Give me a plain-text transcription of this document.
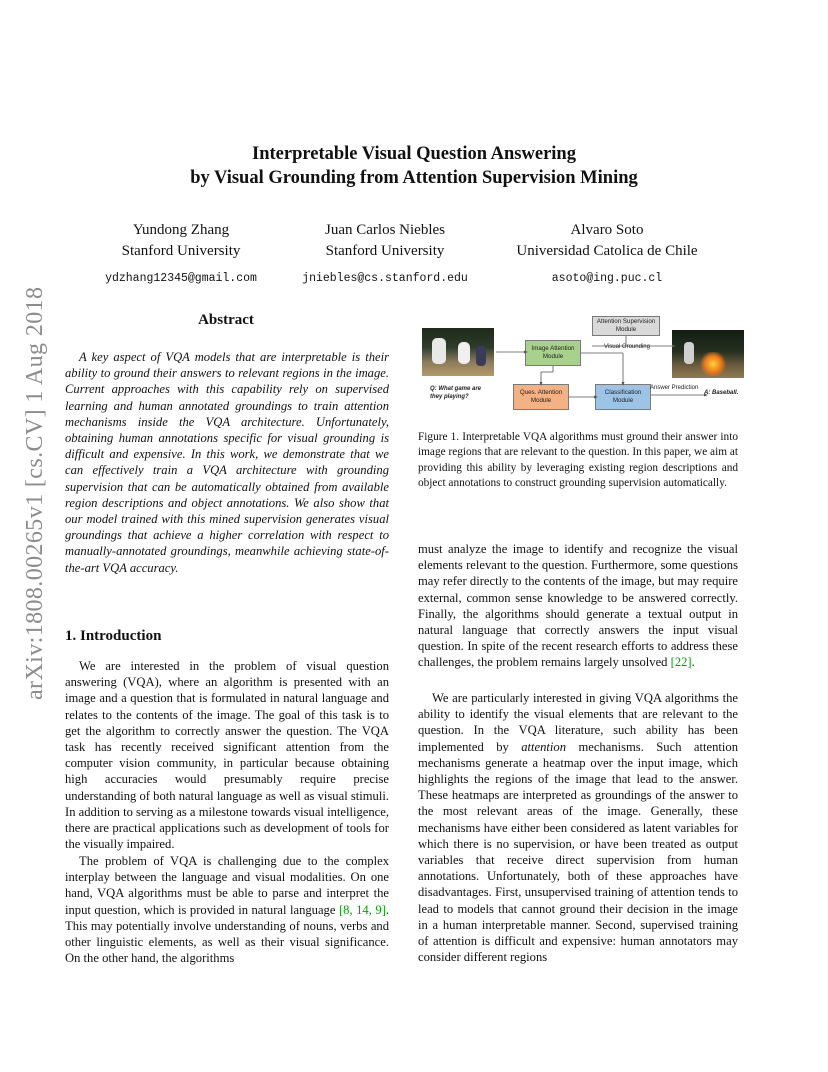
arXiv:1808.00265v1 [cs.CV] 1 Aug 2018
Interpretable Visual Question Answering
by Visual Grounding from Attention Supervision Mining
Yundong Zhang
Stanford University
ydzhang12345@gmail.com
Juan Carlos Niebles
Stanford University
jniebles@cs.stanford.edu
Alvaro Soto
Universidad Catolica de Chile
asoto@ing.puc.cl
Abstract
A key aspect of VQA models that are interpretable is their ability to ground their answers to relevant regions in the image. Current approaches with this capability rely on supervised learning and human annotated groundings to train attention mechanisms inside the VQA architecture. Unfortunately, obtaining human annotations specific for visual grounding is difficult and expensive. In this work, we demonstrate that we can effectively train a VQA architecture with grounding supervision that can be automatically obtained from available region descriptions and object annotations. We also show that our model trained with this mined supervision generates visual groundings that achieve a higher correlation with respect to manually-annotated groundings, meanwhile achieving state-of-the-art VQA accuracy.
1. Introduction
We are interested in the problem of visual question answering (VQA), where an algorithm is presented with an image and a question that is formulated in natural language and relates to the contents of the image. The goal of this task is to get the algorithm to correctly answer the question. The VQA task has recently received significant attention from the computer vision community, in particular because obtaining high accuracies would presumably require precise understanding of both natural language as well as visual stimuli. In addition to serving as a milestone towards visual intelligence, there are practical applications such as development of tools for the visually impaired.
The problem of VQA is challenging due to the complex interplay between the language and visual modalities. On one hand, VQA algorithms must be able to parse and interpret the input question, which is provided in natural language [8, 14, 9]. This may potentially involve understanding of nouns, verbs and other linguistic elements, as well as their visual significance. On the other hand, the algorithms
Attention Supervision Module
Image Attention Module
Ques. Attention Module
Classification Module
Visual Grounding
Answer Prediction
Q: What game are they playing?
A: Baseball.
Figure 1. Interpretable VQA algorithms must ground their answer into image regions that are relevant to the question. In this paper, we aim at providing this ability by leveraging existing region descriptions and object annotations to construct grounding supervision automatically.
must analyze the image to identify and recognize the visual elements relevant to the question. Furthermore, some questions may refer directly to the contents of the image, but may require external, common sense knowledge to be answered correctly. Finally, the algorithms should generate a textual output in natural language that correctly answers the input visual question. In spite of the recent research efforts to address these challenges, the problem remains largely unsolved [22].
We are particularly interested in giving VQA algorithms the ability to identify the visual elements that are relevant to the question. In the VQA literature, such ability has been implemented by attention mechanisms. Such attention mechanisms generate a heatmap over the input image, which highlights the regions of the image that lead to the answer. These heatmaps are interpreted as groundings of the answer to the most relevant areas of the image. Generally, these mechanisms have either been considered as latent variables for which there is no supervision, or have been treated as output variables that receive direct supervision from human annotations. Unfortunately, both of these approaches have disadvantages. First, unsupervised training of attention tends to lead to models that cannot ground their decision in the image in a human interpretable manner. Second, supervised training of attention is difficult and expensive: human annotators may consider different regions
